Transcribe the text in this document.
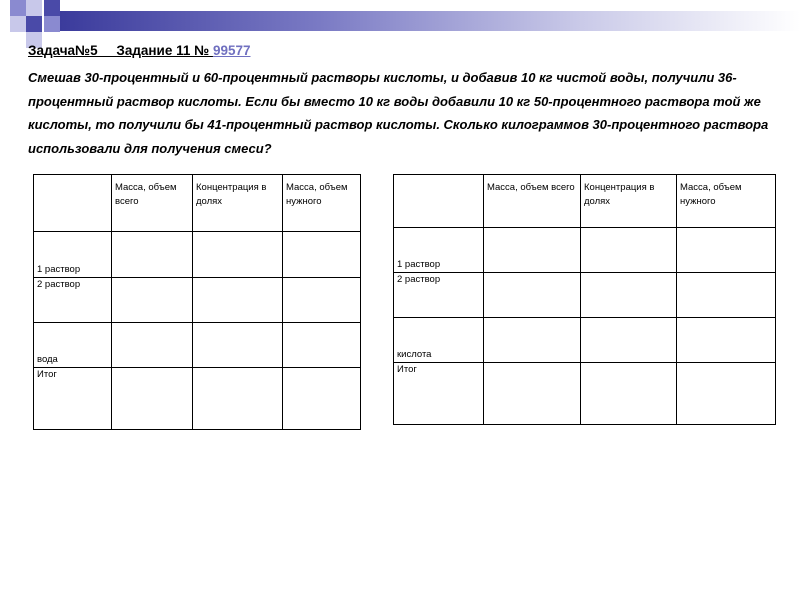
Задача№5     Задание 11 № 99577
Смешав 30-процентный и 60-процентный растворы кислоты, и добавив 10 кг чистой воды, получили 36-процентный раствор кислоты. Если бы вместо 10 кг воды добавили 10 кг 50-процентного раствора той же кислоты, то получили бы 41-процентный раствор кислоты. Сколько килограммов 30-процентного раствора использовали для получения смеси?
	Масса, объем всего	Концентрация в долях	Масса, объем нужного
1 раствор			
2 раствор			
вода			
Итог			
	Масса, объем всего	Концентрация в долях	Масса, объем нужного
1 раствор			
2 раствор			
кислота			
Итог			
